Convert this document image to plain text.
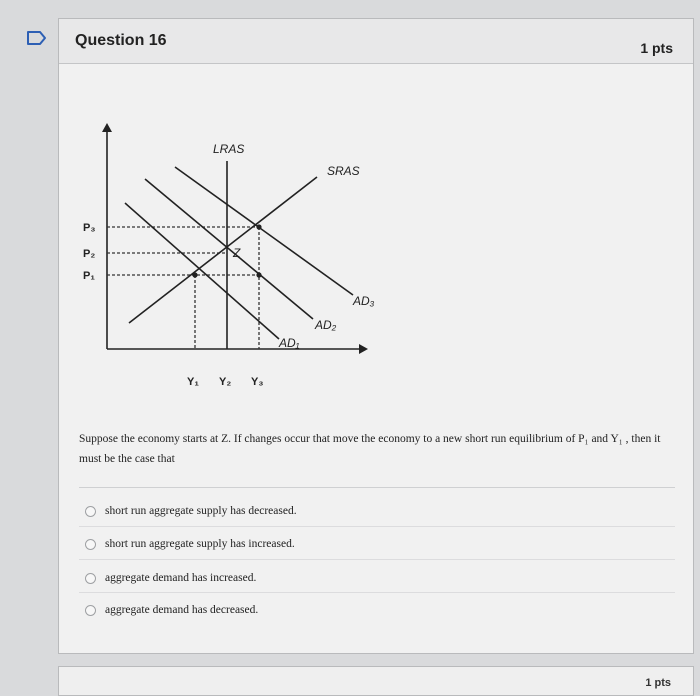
Question 16	1 pts
LRAS
SRAS
AD₁
AD₂
AD₃
Z
P₃
P₂
P₁
Y₁ Y₂ Y₃
Suppose the economy starts at Z. If changes occur that move the economy to a new short run equilibrium of P₁ and Y₁ , then it must be the case that
short run aggregate supply has decreased.
short run aggregate supply has increased.
aggregate demand has increased.
aggregate demand has decreased.
1 pts
